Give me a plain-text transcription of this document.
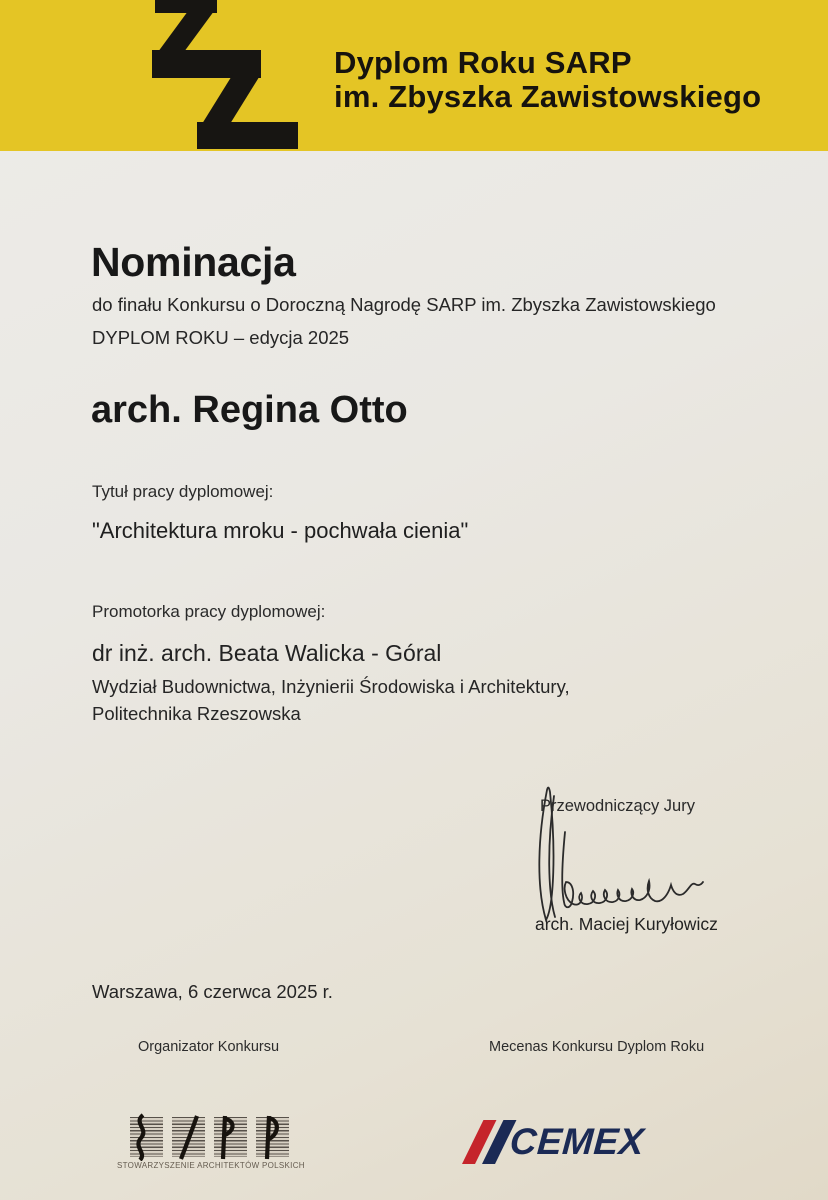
Dyplom Roku SARP
im. Zbyszka Zawistowskiego
Nominacja
do finału Konkursu o Doroczną Nagrodę SARP im. Zbyszka Zawistowskiego
DYPLOM ROKU – edycja 2025
arch. Regina Otto
Tytuł pracy dyplomowej:
"Architektura mroku - pochwała cienia"
Promotorka pracy dyplomowej:
dr inż. arch. Beata Walicka - Góral
Wydział Budownictwa, Inżynierii Środowiska i Architektury,
Politechnika Rzeszowska
Przewodniczący Jury
arch. Maciej Kuryłowicz
Warszawa, 6 czerwca 2025 r.
Organizator Konkursu	Mecenas Konkursu Dyplom Roku
STOWARZYSZENIE ARCHITEKTÓW POLSKICH
CEMEX
